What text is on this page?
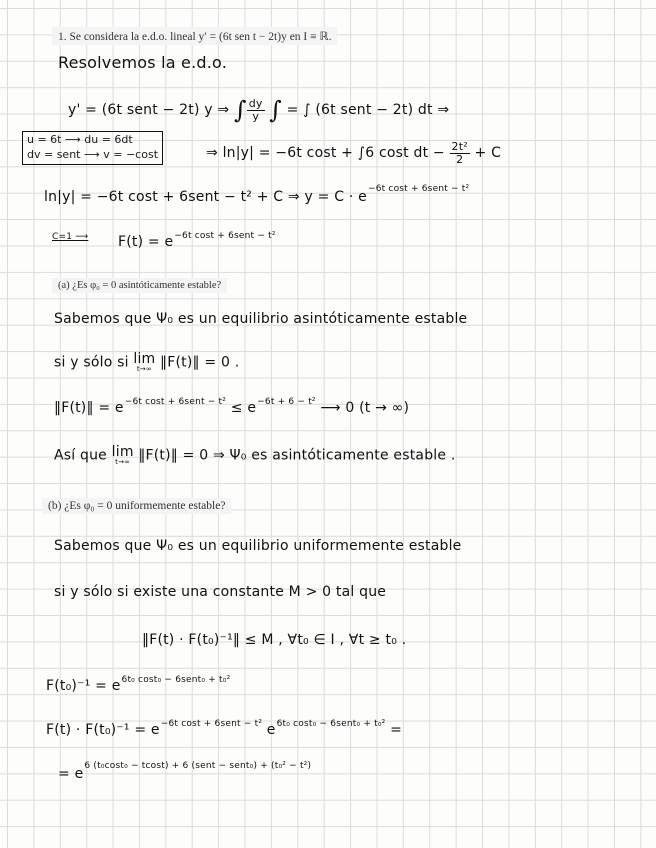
1. Se considera la e.d.o. lineal y′ = (6t sen t − 2t)y en I ≡ ℝ.
Resolvemos la e.d.o.
y' = (6t sent − 2t) y ⇒ ∫ $\frac{dy}{y}$ ∫ = ∫ (6t sent − 2t) dt ⇒
u = 6t ⟶ du = 6dt
dv = sent ⟶ v = −cost	⇒ ln|y| = −6t cost + ∫6 cost dt − $\frac{\text{2t²}}{2} + C$
ln|y| = −6t cost + 6sent − t² + C ⇒ $y = C \cdot e^{-6t cost + 6sent - t^2}$
C=1 ⟶ $F(t) = e^{-6t cost + 6sent - t^2}$
(a) ¿Es φ₀ = 0 asintóticamente estable?
Sabemos que Ψ₀ es un equilibrio asintóticamente estable
si y sólo si lim
t→∞ ‖F(t)‖ = 0 .
‖F(t)‖ = $e^{-6t cost + 6sent - t^2} \le e^{-6t + 6 - t^2}$ ⟶ 0 (t → ∞)
Así que lim
t→∞ ‖F(t)‖ = 0 ⇒ Ψ₀ es asintóticamente estable .
(b) ¿Es φ₀ = 0 uniformemente estable?
Sabemos que Ψ₀ es un equilibrio uniformemente estable
si y sólo si existe una constante M > 0 tal que
‖F(t) · F(t₀)⁻¹‖ ≤ M , ∀t₀ ∈ I , ∀t ≥ t₀ .
$F(t_0)^{-1} = e^{6t_0 cost_0 - 6sent_0 + t_0^2}$
$F(t) \cdot F(t_0)^{-1} = e^{-6t cost + 6sent - t^2}$ $e^{6t_0 cost_0 - 6sent_0 + t_0^2}$ =
= $e^{6 (t_0cost_0 - tcost) + 6 (sent - sent_0) + (t_0^2 - t^2)}$
